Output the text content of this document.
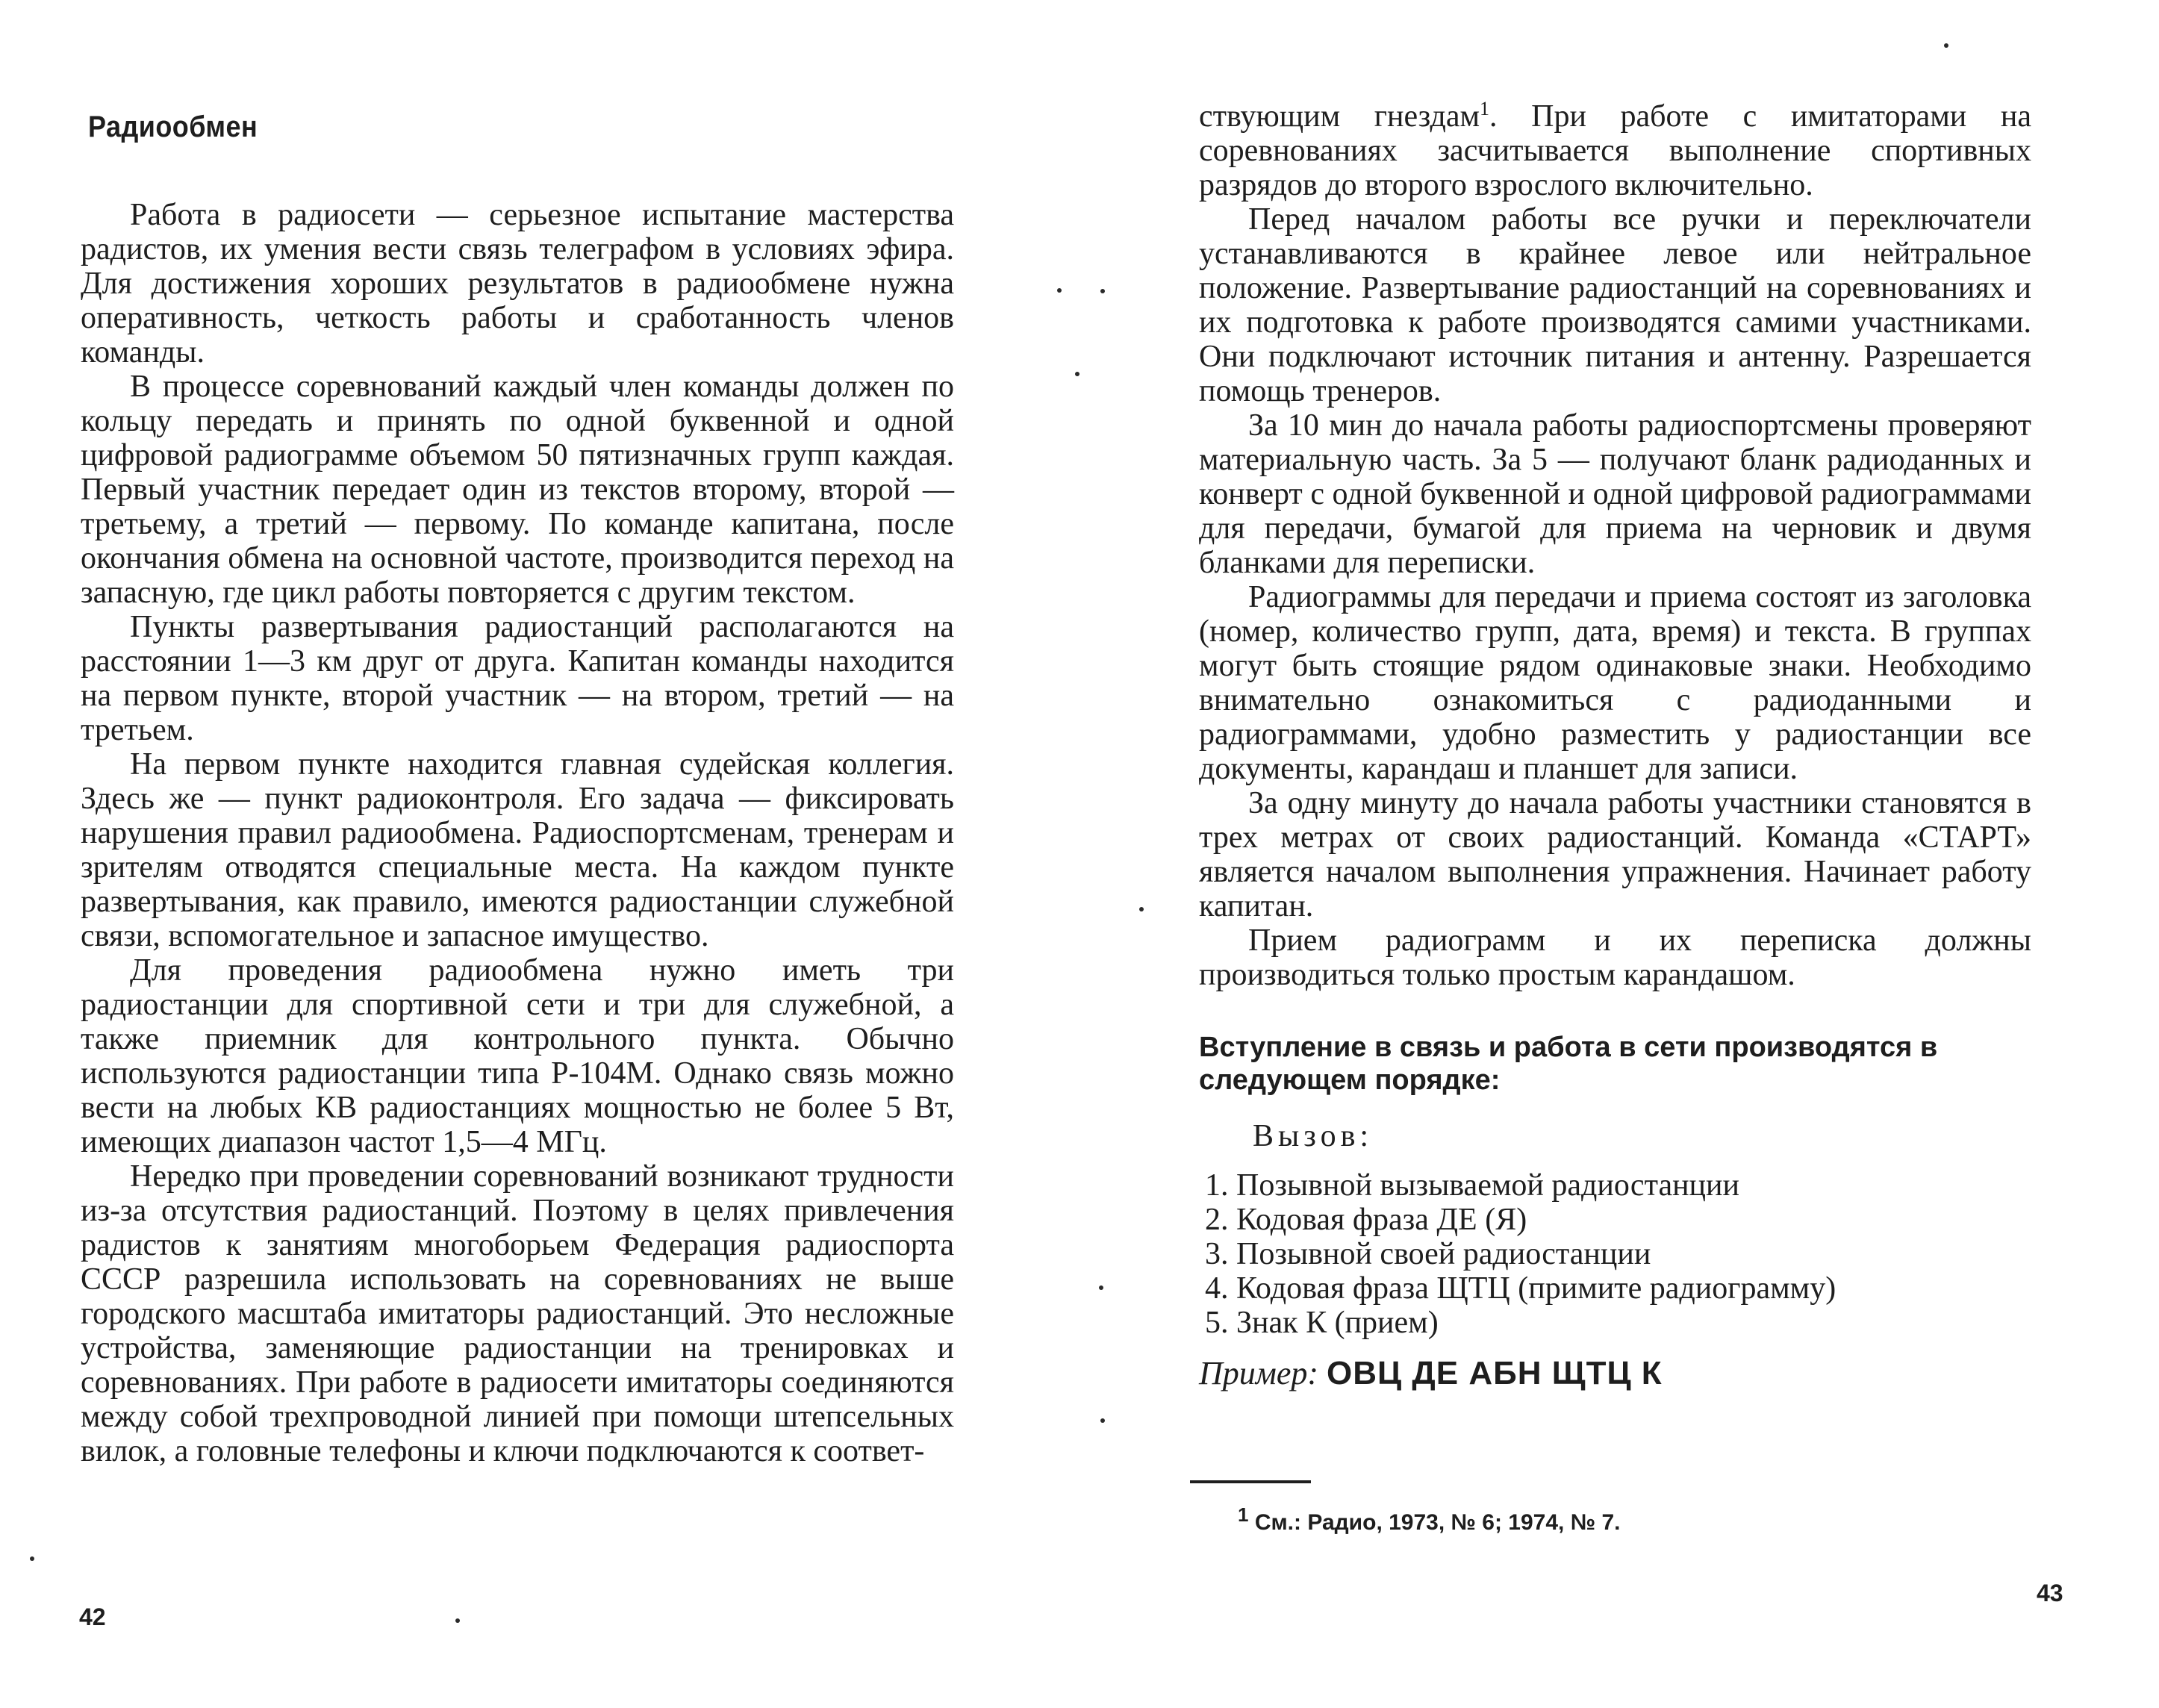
Радиообмен

Работа в радиосети — серьезное испытание мастерства радистов, их умения вести связь телеграфом в условиях эфира. Для достижения хороших результатов в радиообмене нужна оперативность, четкость работы и сработанность членов команды.

В процессе соревнований каждый член команды должен по кольцу передать и принять по одной буквенной и одной цифровой радиограмме объемом 50 пятизначных групп каждая. Первый участник передает один из текстов второму, второй — третьему, а третий — первому. По команде капитана, после окончания обмена на основной частоте, производится переход на запасную, где цикл работы повторяется с другим текстом.

Пункты развертывания радиостанций располагаются на расстоянии 1—3 км друг от друга. Капитан команды находится на первом пункте, второй участник — на втором, третий — на третьем.

На первом пункте находится главная судейская коллегия. Здесь же — пункт радиоконтроля. Его задача — фиксировать нарушения правил радиообмена. Радиоспортсменам, тренерам и зрителям отводятся специальные места. На каждом пункте развертывания, как правило, имеются радиостанции служебной связи, вспомогательное и запасное имущество.

Для проведения радиообмена нужно иметь три радиостанции для спортивной сети и три для служебной, а также приемник для контрольного пункта. Обычно используются радиостанции типа Р-104М. Однако связь можно вести на любых КВ радиостанциях мощностью не более 5 Вт, имеющих диапазон частот 1,5—4 МГц.

Нередко при проведении соревнований возникают трудности из-за отсутствия радиостанций. Поэтому в целях привлечения радистов к занятиям многоборьем Федерация радиоспорта СССР разрешила использовать на соревнованиях не выше городского масштаба имитаторы радиостанций. Это несложные устройства, заменяющие радиостанции на тренировках и соревнованиях. При работе в радиосети имитаторы соединяются между собой трехпроводной линией при помощи штепсельных вилок, а головные телефоны и ключи подключаются к соответ-

42

ствующим гнездам$^1$. При работе с имитаторами на соревнованиях засчитывается выполнение спортивных разрядов до второго взрослого включительно.

Перед началом работы все ручки и переключатели устанавливаются в крайнее левое или нейтральное положение. Развертывание радиостанций на соревнованиях и их подготовка к работе производятся самими участниками. Они подключают источник питания и антенну. Разрешается помощь тренеров.

За 10 мин до начала работы радиоспортсмены проверяют материальную часть. За 5 — получают бланк радиоданных и конверт с одной буквенной и одной цифровой радиограммами для передачи, бумагой для приема на черновик и двумя бланками для переписки.

Радиограммы для передачи и приема состоят из заголовка (номер, количество групп, дата, время) и текста. В группах могут быть стоящие рядом одинаковые знаки. Необходимо внимательно ознакомиться с радиоданными и радиограммами, удобно разместить у радиостанции все документы, карандаш и планшет для записи.

За одну минуту до начала работы участники становятся в трех метрах от своих радиостанций. Команда «СТАРТ» является началом выполнения упражнения. Начинает работу капитан.

Прием радиограмм и их переписка должны производиться только простым карандашом.

Вступление в связь и работа в сети производятся в следующем порядке:
Вызов:
1. Позывной вызываемой радиостанции
2. Кодовая фраза ДЕ (Я)
3. Позывной своей радиостанции
4. Кодовая фраза ЩТЦ (примите радиограмму)
5. Знак К (прием)
Пример: ОВЦ ДЕ АБН ЩТЦ К
$^1$ См.: Радио, 1973, № 6; 1974, № 7.
43
